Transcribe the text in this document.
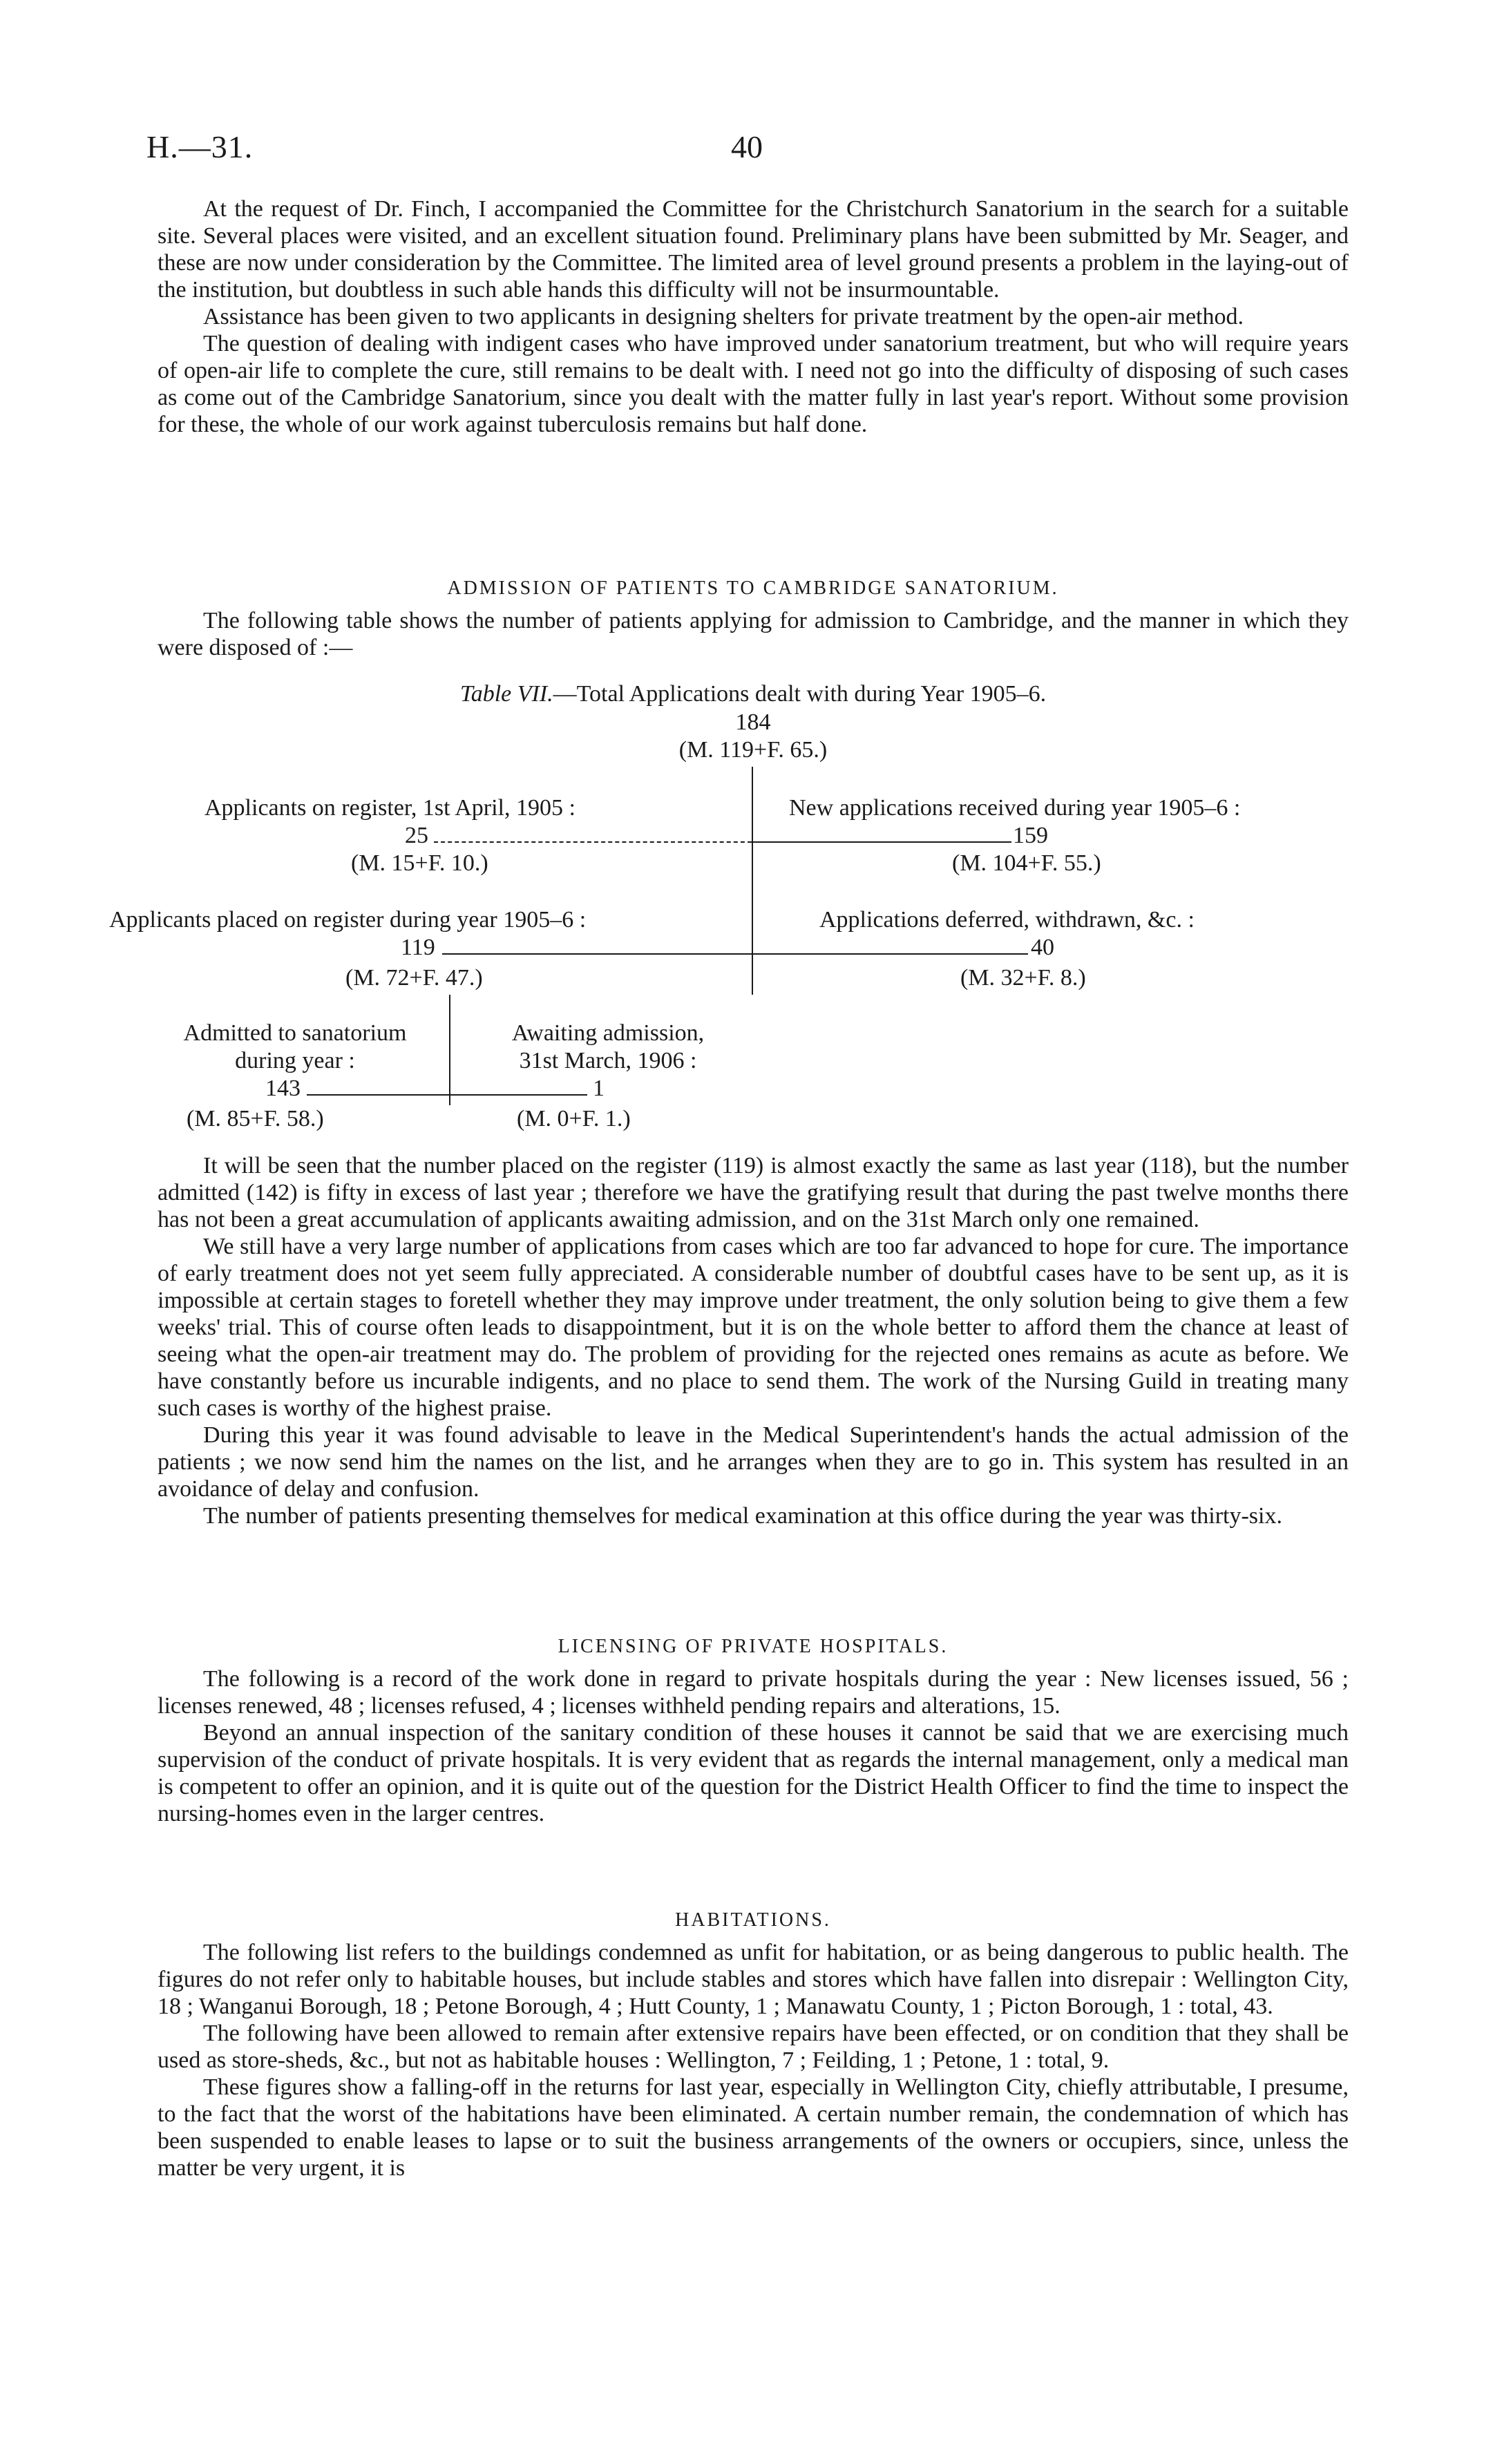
H.—31.	40

At the request of Dr. Finch, I accompanied the Committee for the Christchurch Sanatorium in the search for a suitable site. Several places were visited, and an excellent situation found. Preliminary plans have been submitted by Mr. Seager, and these are now under consideration by the Committee. The limited area of level ground presents a problem in the laying-out of the institution, but doubtless in such able hands this difficulty will not be insurmountable.

Assistance has been given to two applicants in designing shelters for private treatment by the open-air method.

The question of dealing with indigent cases who have improved under sanatorium treatment, but who will require years of open-air life to complete the cure, still remains to be dealt with. I need not go into the difficulty of disposing of such cases as come out of the Cambridge Sanatorium, since you dealt with the matter fully in last year's report. Without some provision for these, the whole of our work against tuberculosis remains but half done.

ADMISSION OF PATIENTS TO CAMBRIDGE SANATORIUM.

The following table shows the number of patients applying for admission to Cambridge, and the manner in which they were disposed of :—

Table VII.—Total Applications dealt with during Year 1905–6.
184
(M. 119+F. 65.)
Applicants on register, 1st April, 1905 :
25
(M. 15+F. 10.)
New applications received during year 1905–6 :
159
(M. 104+F. 55.)
Applicants placed on register during year 1905–6 :
119
(M. 72+F. 47.)
Applications deferred, withdrawn, &c. :
40
(M. 32+F. 8.)
Admitted to sanatorium
during year :
143
(M. 85+F. 58.)
Awaiting admission,
31st March, 1906 :
1
(M. 0+F. 1.)

It will be seen that the number placed on the register (119) is almost exactly the same as last year (118), but the number admitted (142) is fifty in excess of last year ; therefore we have the gratifying result that during the past twelve months there has not been a great accumulation of applicants awaiting admission, and on the 31st March only one remained.

We still have a very large number of applications from cases which are too far advanced to hope for cure. The importance of early treatment does not yet seem fully appreciated. A considerable number of doubtful cases have to be sent up, as it is impossible at certain stages to foretell whether they may improve under treatment, the only solution being to give them a few weeks' trial. This of course often leads to disappointment, but it is on the whole better to afford them the chance at least of seeing what the open-air treatment may do. The problem of providing for the rejected ones remains as acute as before. We have constantly before us incurable indigents, and no place to send them. The work of the Nursing Guild in treating many such cases is worthy of the highest praise.

During this year it was found advisable to leave in the Medical Superintendent's hands the actual admission of the patients ; we now send him the names on the list, and he arranges when they are to go in. This system has resulted in an avoidance of delay and confusion.

The number of patients presenting themselves for medical examination at this office during the year was thirty-six.

LICENSING OF PRIVATE HOSPITALS.

The following is a record of the work done in regard to private hospitals during the year : New licenses issued, 56 ; licenses renewed, 48 ; licenses refused, 4 ; licenses withheld pending repairs and alterations, 15.

Beyond an annual inspection of the sanitary condition of these houses it cannot be said that we are exercising much supervision of the conduct of private hospitals. It is very evident that as regards the internal management, only a medical man is competent to offer an opinion, and it is quite out of the question for the District Health Officer to find the time to inspect the nursing-homes even in the larger centres.

HABITATIONS.

The following list refers to the buildings condemned as unfit for habitation, or as being dangerous to public health. The figures do not refer only to habitable houses, but include stables and stores which have fallen into disrepair : Wellington City, 18 ; Wanganui Borough, 18 ; Petone Borough, 4 ; Hutt County, 1 ; Manawatu County, 1 ; Picton Borough, 1 : total, 43.

The following have been allowed to remain after extensive repairs have been effected, or on condition that they shall be used as store-sheds, &c., but not as habitable houses : Wellington, 7 ; Feilding, 1 ; Petone, 1 : total, 9.

These figures show a falling-off in the returns for last year, especially in Wellington City, chiefly attributable, I presume, to the fact that the worst of the habitations have been eliminated. A certain number remain, the condemnation of which has been suspended to enable leases to lapse or to suit the business arrangements of the owners or occupiers, since, unless the matter be very urgent, it is
